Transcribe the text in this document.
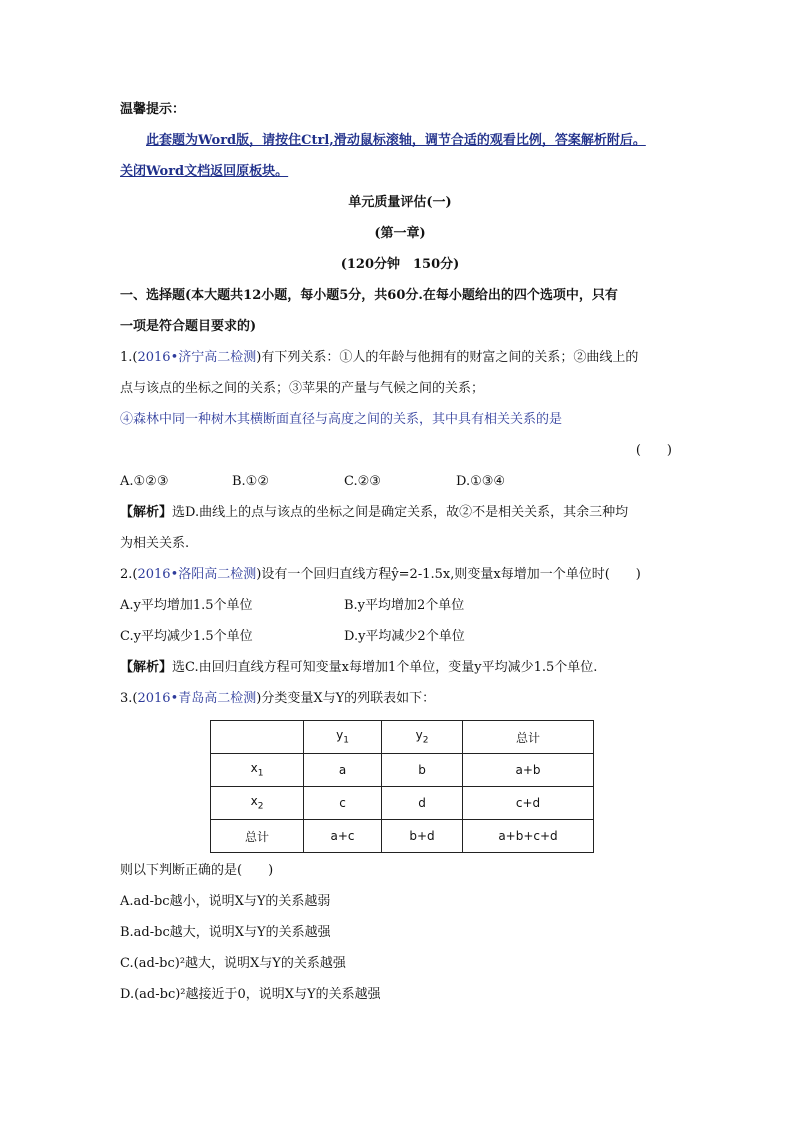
温馨提示：
此套题为Word版，请按住Ctrl,滑动鼠标滚轴，调节合适的观看比例，答案解析附后。
关闭Word文档返回原板块。
单元质量评估(一)
(第一章)
(120分钟　150分)
一、选择题(本大题共12小题，每小题5分，共60分.在每小题给出的四个选项中，只有
一项是符合题目要求的)
1.(2016•济宁高二检测)有下列关系：①人的年龄与他拥有的财富之间的关系；②曲线上的
点与该点的坐标之间的关系；③苹果的产量与气候之间的关系；
④森林中同一种树木其横断面直径与高度之间的关系，其中具有相关关系的是
(　　)
A.①②③	B.①②	C.②③	D.①③④
【解析】选D.曲线上的点与该点的坐标之间是确定关系，故②不是相关关系，其余三种均
为相关关系.
2.(2016•洛阳高二检测)设有一个回归直线方程ŷ=2-1.5x,则变量x每增加一个单位时(　　)
A.y平均增加1.5个单位	B.y平均增加2个单位
C.y平均减少1.5个单位	D.y平均减少2个单位
【解析】选C.由回归直线方程可知变量x每增加1个单位，变量y平均减少1.5个单位.
3.(2016•青岛高二检测)分类变量X与Y的列联表如下：
	$y_1$	$y_2$	总计
$x_1$	a	b	a+b
$x_2$	c	d	c+d
总计	a+c	b+d	a+b+c+d
则以下判断正确的是(　　)
A.ad-bc越小，说明X与Y的关系越弱
B.ad-bc越大，说明X与Y的关系越强
C.(ad-bc)²越大，说明X与Y的关系越强
D.(ad-bc)²越接近于0，说明X与Y的关系越强
